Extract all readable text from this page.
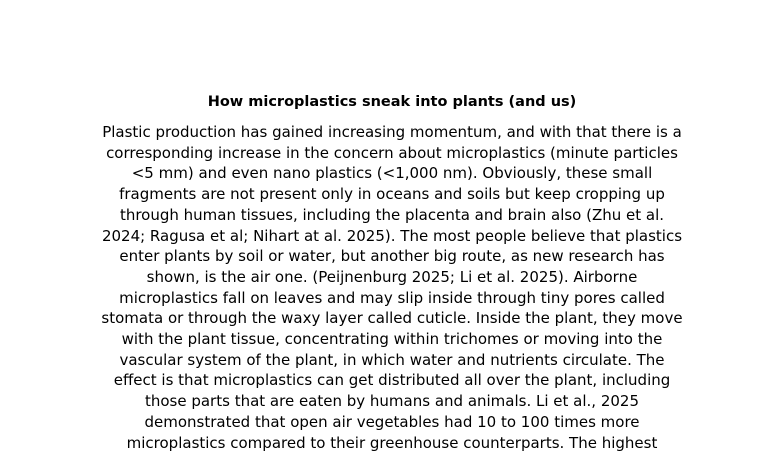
How microplastics sneak into plants (and us)
Plastic production has gained increasing momentum, and with that there is a
corresponding increase in the concern about microplastics (minute particles
<5 mm) and even nano plastics (<1,000 nm). Obviously, these small
fragments are not present only in oceans and soils but keep cropping up
through human tissues, including the placenta and brain also (Zhu et al.
2024; Ragusa et al; Nihart at al. 2025). The most people believe that plastics
enter plants by soil or water, but another big route, as new research has
shown, is the air one. (Peijnenburg 2025; Li et al. 2025). Airborne
microplastics fall on leaves and may slip inside through tiny pores called
stomata or through the waxy layer called cuticle. Inside the plant, they move
with the plant tissue, concentrating within trichomes or moving into the
vascular system of the plant, in which water and nutrients circulate. The
effect is that microplastics can get distributed all over the plant, including
those parts that are eaten by humans and animals. Li et al., 2025
demonstrated that open air vegetables had 10 to 100 times more
microplastics compared to their greenhouse counterparts. The highest
